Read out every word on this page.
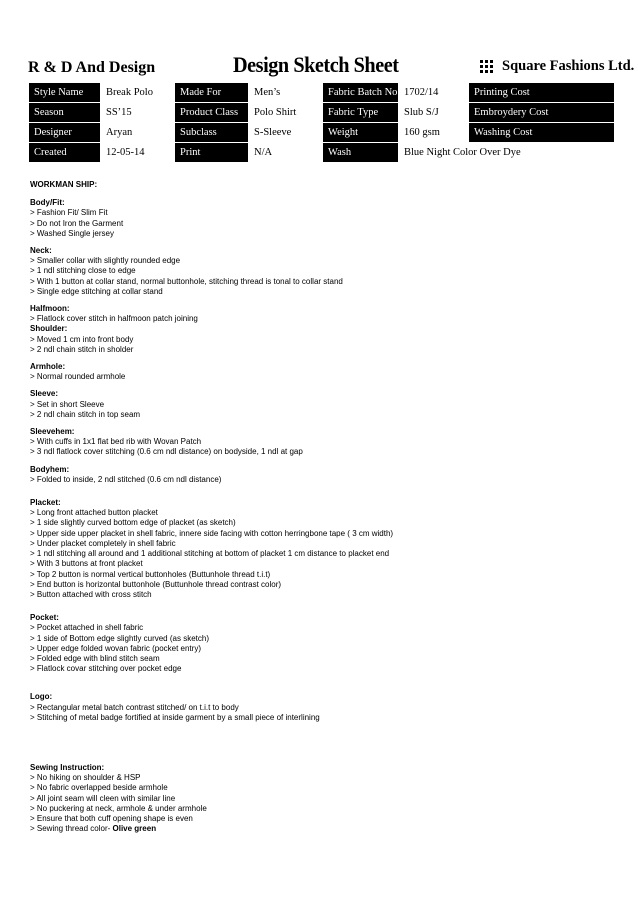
R & D And Design	Design Sketch Sheet	Square Fashions Ltd.
Style Name	Break Polo	Made For	Men’s	Fabric Batch No	1702/14	Printing Cost
Season	SS’15	Product Class	Polo Shirt	Fabric Type	Slub S/J	Embroydery Cost
Designer	Aryan	Subclass	S-Sleeve	Weight	160 gsm	Washing Cost
Created	12-05-14	Print	N/A	Wash	Blue Night Color Over Dye	
WORKMAN SHIP:
Body/Fit:
> Fashion Fit/ Slim Fit
> Do not Iron the Garment
> Washed Single jersey
Neck:
> Smaller collar with slightly rounded edge
> 1 ndl stitching close to edge
> With 1 button at collar stand, normal buttonhole, stitching thread is tonal to collar stand
> Single edge stitching at collar stand
Halfmoon:
> Flatlock cover stitch in halfmoon patch joining
Shoulder:
> Moved 1 cm into front body
> 2 ndl chain stitch in sholder
Armhole:
> Normal rounded armhole
Sleeve:
> Set in short Sleeve
> 2 ndl chain stitch in top seam
Sleevehem:
> With cuffs in 1x1 flat bed rib with Wovan Patch
> 3 ndl flatlock cover stitching (0.6 cm ndl distance) on bodyside, 1 ndl at gap
Bodyhem:
> Folded to inside, 2 ndl stitched (0.6 cm ndl distance)
Placket:
> Long front attached button placket
> 1 side slightly curved bottom edge of placket (as sketch)
> Upper side upper placket in shell fabric, innere side facing with cotton herringbone tape ( 3 cm width)
> Under placket completely in shell fabric
> 1 ndl stitching all around and 1 additional stitching at bottom of placket 1 cm distance to placket end
> With 3 buttons at front placket
> Top 2 button is normal vertical buttonholes (Buttunhole thread t.i.t)
> End button is horizontal buttonhole (Buttunhole thread contrast color)
> Button attached with cross stitch
Pocket:
> Pocket attached in shell fabric
> 1 side of Bottom edge slightly curved (as sketch)
> Upper edge folded wovan fabric (pocket entry)
> Folded edge with blind stitch seam
> Flatlock covar stitching over pocket edge
Logo:
> Rectangular metal batch contrast stitched/ on t.i.t to body
> Stitching of metal badge fortified at inside garment by a small piece of interlining
Sewing Instruction:
> No hiking on shoulder & HSP
> No fabric overlapped beside armhole
> All joint seam will cleen with similar line
> No puckering at neck, armhole & under armhole
> Ensure that both cuff opening shape is even
> Sewing thread color- Olive green
